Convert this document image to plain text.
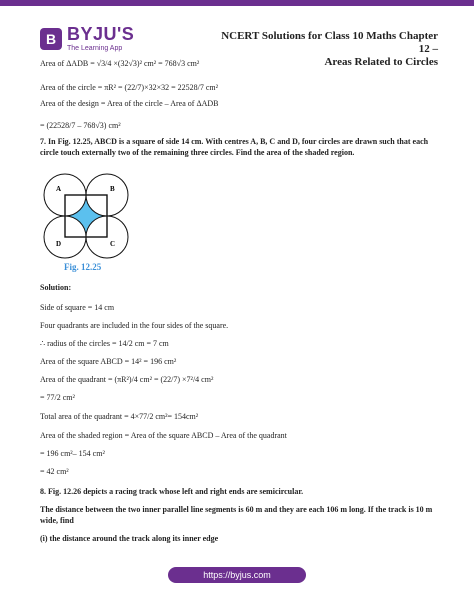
B BYJU'S
The Learning App
NCERT Solutions for Class 10 Maths Chapter 12 –
Areas Related to Circles
Area of ΔADB = √3/4 ×(32√3)² cm² = 768√3 cm²
Area of the circle = πR² = (22/7)×32×32 = 22528/7 cm²
Area of the design = Area of the circle – Area of ΔADB
= (22528/7 – 768√3) cm²
7. In Fig. 12.25, ABCD is a square of side 14 cm. With centres A, B, C and D, four circles are drawn such that each circle touch externally two of the remaining three circles. Find the area of the shaded region.
Solution:
Side of square = 14 cm
Four quadrants are included in the four sides of the square.
∴ radius of the circles = 14/2 cm = 7 cm
Area of the square ABCD = 14² = 196 cm²
Area of the quadrant = (πR²)/4 cm² = (22/7) ×7²/4 cm²
= 77/2 cm²
Total area of the quadrant = 4×77/2 cm²= 154cm²
Area of the shaded region = Area of the square ABCD – Area of the quadrant
= 196 cm²– 154 cm²
= 42 cm²
8. Fig. 12.26 depicts a racing track whose left and right ends are semicircular.
The distance between the two inner parallel line segments is 60 m and they are each 106 m long. If the track is 10 m wide, find
(i) the distance around the track along its inner edge
A	B
C
D
Fig. 12.25
https://byjus.com
